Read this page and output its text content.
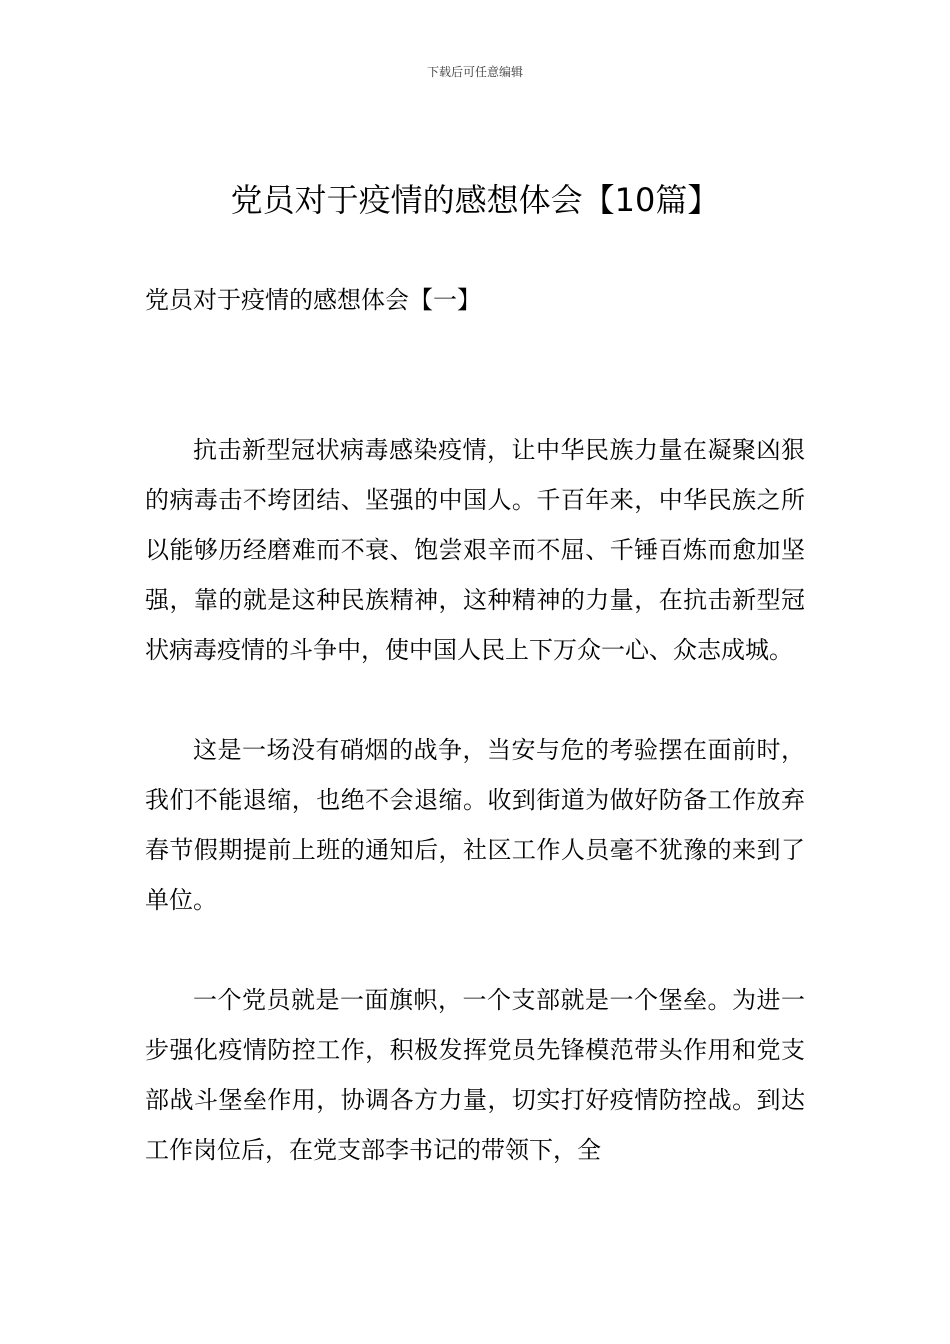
下载后可任意编辑
党员对于疫情的感想体会【10篇】
党员对于疫情的感想体会【一】

抗击新型冠状病毒感染疫情，让中华民族力量在凝聚凶狠的病毒击不垮团结、坚强的中国人。千百年来，中华民族之所以能够历经磨难而不衰、饱尝艰辛而不屈、千锤百炼而愈加坚强，靠的就是这种民族精神，这种精神的力量，在抗击新型冠状病毒疫情的斗争中，使中国人民上下万众一心、众志成城。

这是一场没有硝烟的战争，当安与危的考验摆在面前时，我们不能退缩，也绝不会退缩。收到街道为做好防备工作放弃春节假期提前上班的通知后，社区工作人员毫不犹豫的来到了单位。

一个党员就是一面旗帜，一个支部就是一个堡垒。为进一步强化疫情防控工作，积极发挥党员先锋模范带头作用和党支部战斗堡垒作用，协调各方力量，切实打好疫情防控战。到达工作岗位后，在党支部李书记的带领下，全
